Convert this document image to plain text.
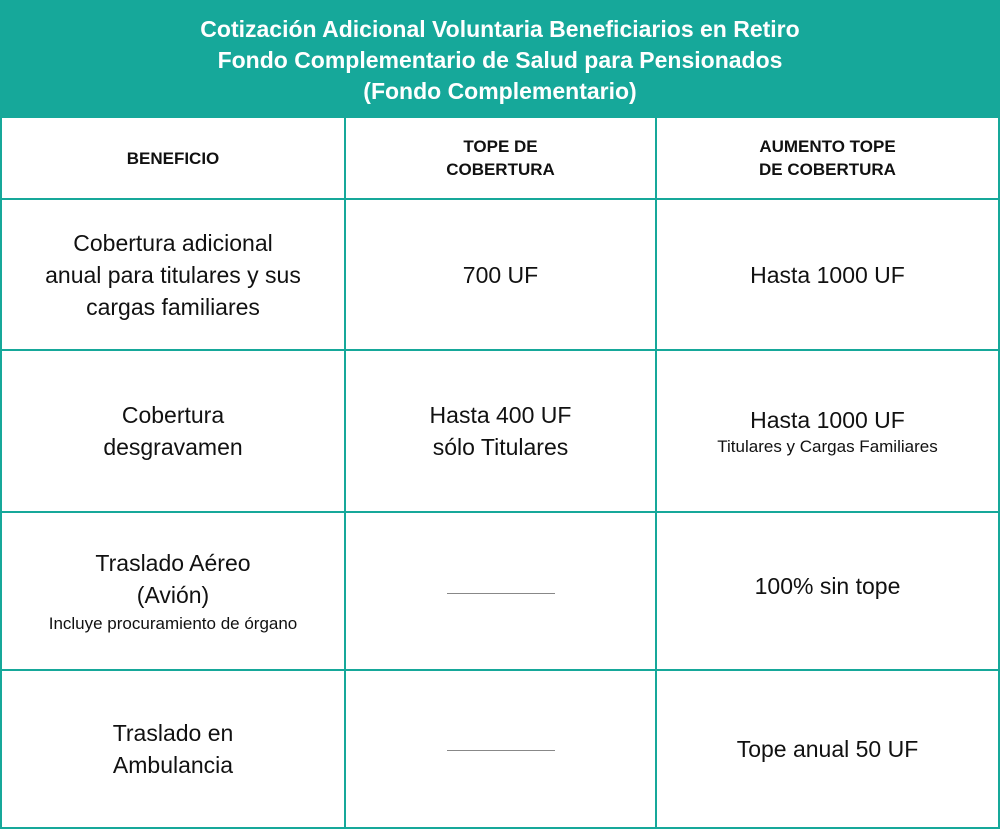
Cotización Adicional Voluntaria Beneficiarios en Retiro
Fondo Complementario de Salud para Pensionados
(Fondo Complementario)
BENEFICIO
TOPE DE
COBERTURA
AUMENTO TOPE
DE COBERTURA
Cobertura adicional
anual para titulares y sus
cargas familiares
700 UF	Hasta 1000 UF
Cobertura
desgravamen
Hasta 400 UF
sólo Titulares
Hasta 1000 UF
Titulares y Cargas Familiares
Traslado Aéreo
(Avión)
Incluye procuramiento de órgano
100% sin tope
Traslado en
Ambulancia
Tope anual 50 UF
